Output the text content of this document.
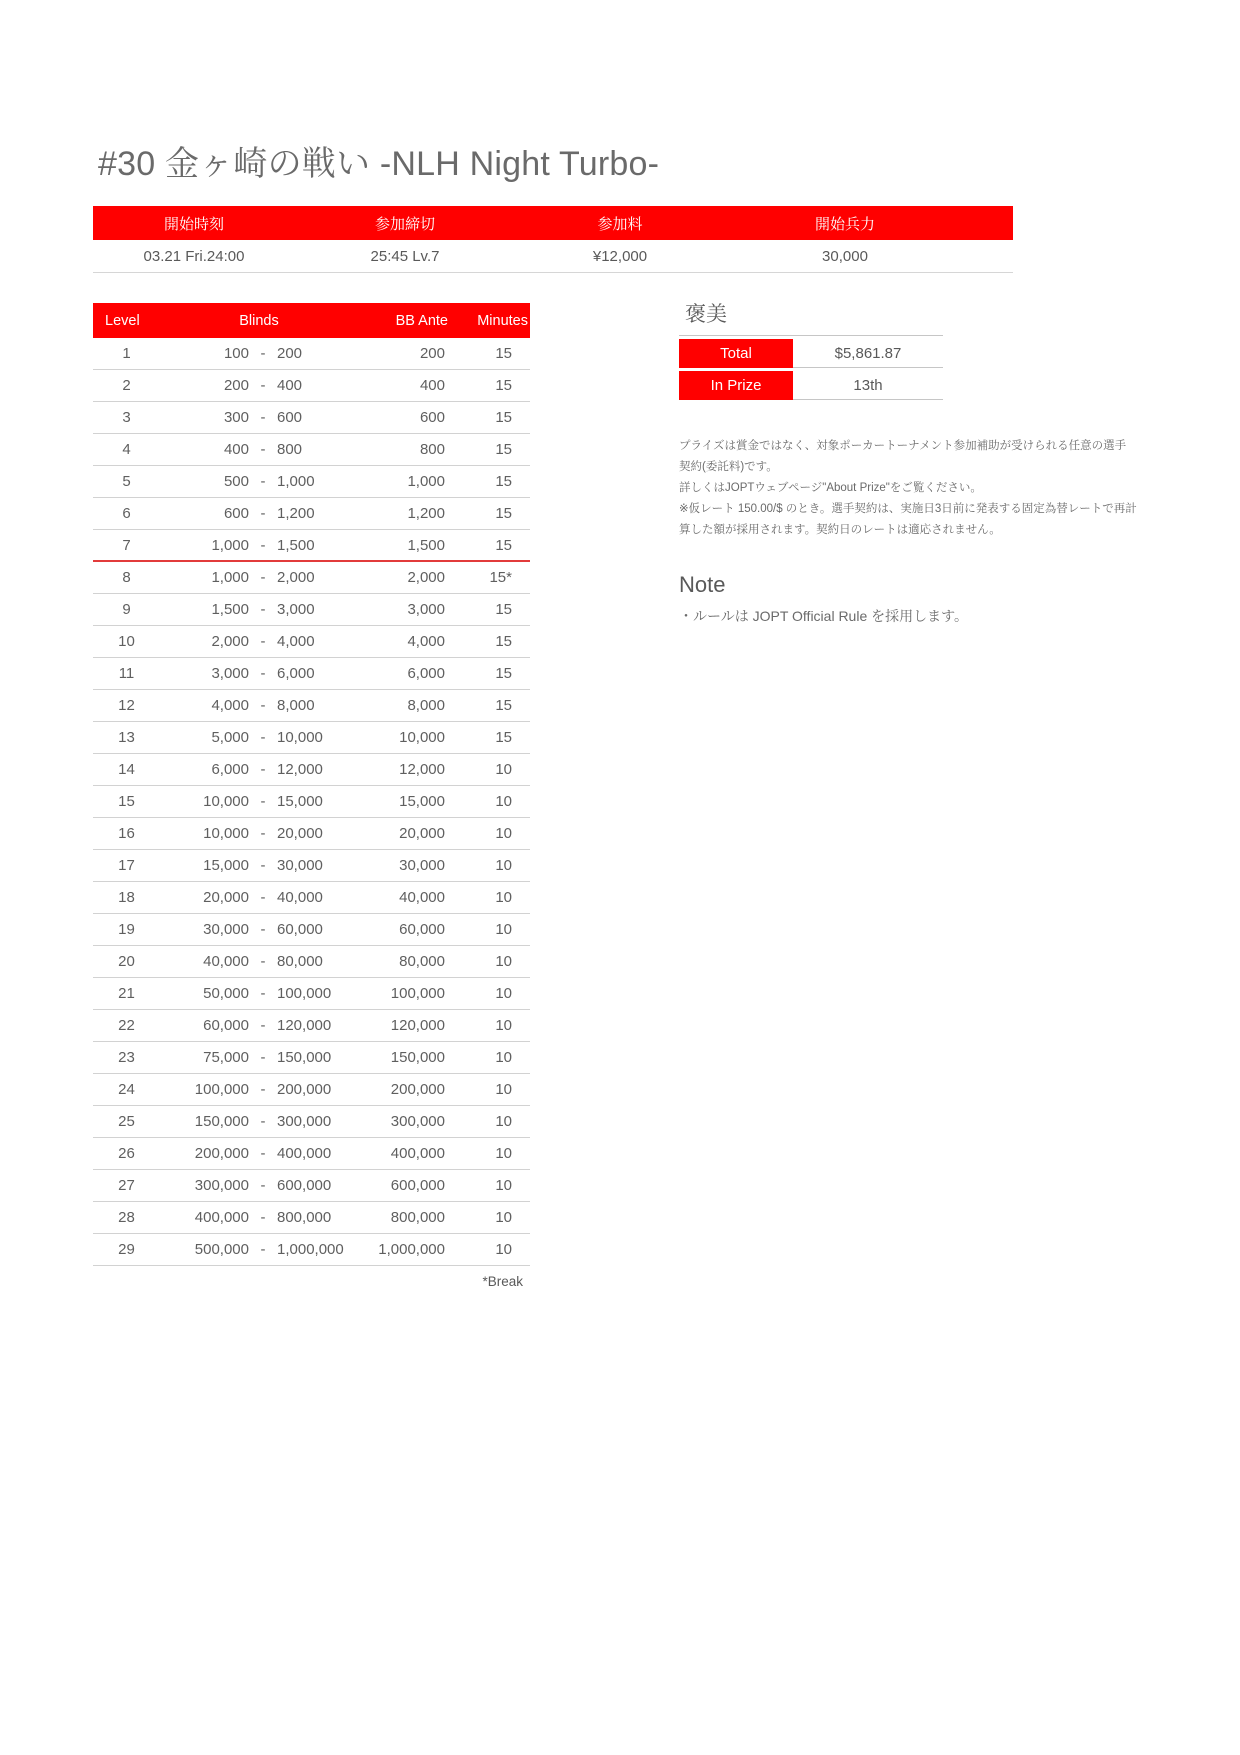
#30 金ヶ崎の戦い -NLH Night Turbo-
開始時刻	参加締切	参加料	開始兵力
03.21 Fri.24:00	25:45 Lv.7	¥12,000	30,000
Level	Blinds	BB Ante	Minutes
1	100 - 200	200	15
2	200 - 400	400	15
3	300 - 600	600	15
4	400 - 800	800	15
5	500 - 1,000	1,000	15
6	600 - 1,200	1,200	15
7	1,000 - 1,500	1,500	15
8	1,000 - 2,000	2,000	15*
9	1,500 - 3,000	3,000	15
10	2,000 - 4,000	4,000	15
11	3,000 - 6,000	6,000	15
12	4,000 - 8,000	8,000	15
13	5,000 - 10,000	10,000	15
14	6,000 - 12,000	12,000	10
15	10,000 - 15,000	15,000	10
16	10,000 - 20,000	20,000	10
17	15,000 - 30,000	30,000	10
18	20,000 - 40,000	40,000	10
19	30,000 - 60,000	60,000	10
20	40,000 - 80,000	80,000	10
21	50,000 - 100,000	100,000	10
22	60,000 - 120,000	120,000	10
23	75,000 - 150,000	150,000	10
24	100,000 - 200,000	200,000	10
25	150,000 - 300,000	300,000	10
26	200,000 - 400,000	400,000	10
27	300,000 - 600,000	600,000	10
28	400,000 - 800,000	800,000	10
29	500,000 - 1,000,000	1,000,000	10
*Break
褒美
Total	$5,861.87
In Prize	13th

プライズは賞金ではなく、対象ポーカートーナメント参加補助が受けられる任意の選手契約(委託料)です。

詳しくはJOPTウェブページ"About Prize"をご覧ください。

※仮レート 150.00/$ のとき。選手契約は、実施日3日前に発表する固定為替レートで再計算した額が採用されます。契約日のレートは適応されません。

Note

・ルールは JOPT Official Rule を採用します。
